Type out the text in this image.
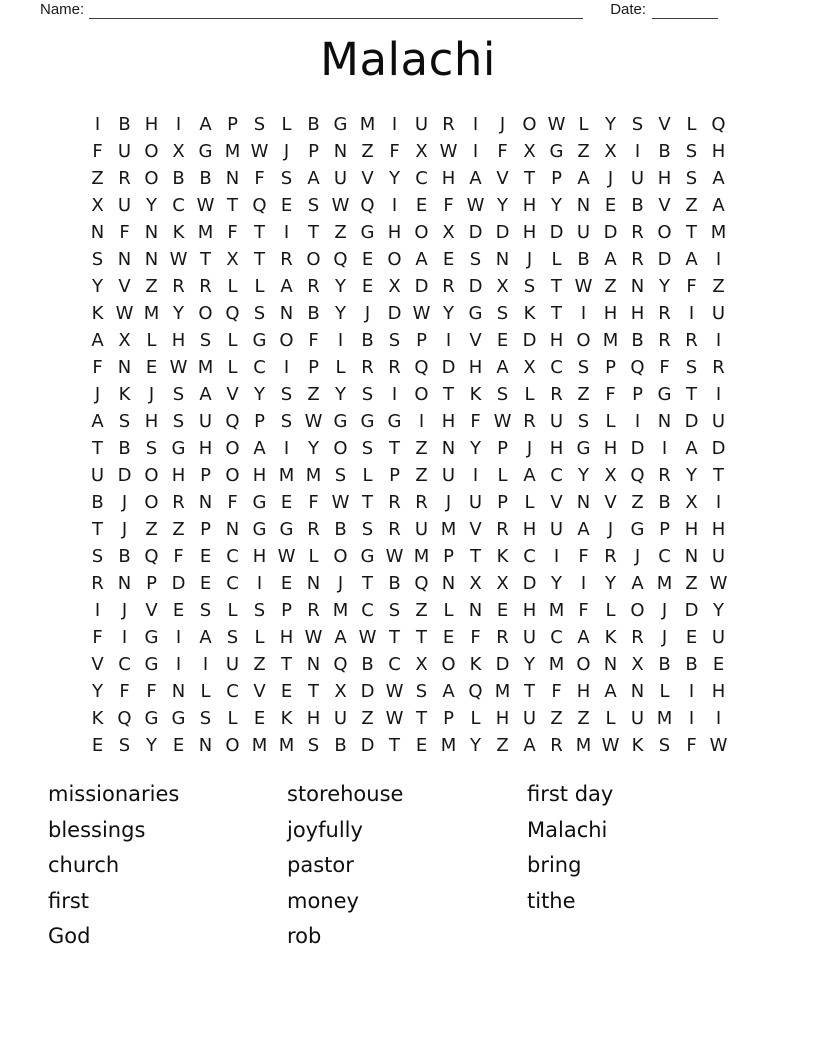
Name:	Date:
Malachi
I	B H I	A P S L B G M I U R	I	J O W L Y S V L Q
F U O X G M W J	P N Z F X W I	F X G Z X	I	B S H
Z R O B B N F S A U V Y C H A V T P A	J U H S A
X U Y C W T Q E S W Q I	E F W Y H Y N E B V Z A
N F N K M F T	I	T Z G H O X D D H D U D R O T M
S N N W T X T R O Q E O A E S N J	L B A R D A	I
Y V Z R R L L A R Y E X D R D X S T W Z N Y F Z
K W M Y O Q S N B Y	J D W Y G S K T	I H H R	I U
A X L H S L G O F	I	B S P	I	V E D H O M B R R	I
F N E W M L C	I	P L R R Q D H A X C S P Q F S R
J	K	J	S A V Y S Z Y S	I O T K S L R Z F P G T	I
A S H S U Q P S W G G G I H F W R U S L	I N D U
T B S G H O A	I	Y O S T Z N Y P	J H G H D I	A D
U D O H P O H M M S L P Z U I	L A C Y X Q R Y T
B	J O R N F G E F W T R R	J U P L V N V Z B X	I
T	J	Z Z P N G G R B S R U M V R H U A	J G P H H
S B Q F E C H W L O G W M P T K C	I	F R	J	C N U
R N P D E C	I	E N J	T B Q N X X D Y	I	Y A M Z W
I	J	V E S L S P R M C S Z L N E H M F L O J D Y
F	I G I	A S L H W A W T T E F R U C A K R	J	E U
V C G I	I U Z T N Q B C X O K D Y M O N X B B E
Y F F N L C V E T X D W S A Q M T F H A N L	I H
K Q G G S L E K H U Z W T P L H U Z Z L U M I	I
E S Y E N O M M S B D T E M Y Z A R M W K S F W
missionaries
blessings
church
first
God
storehouse
joyfully
pastor
money
rob
first day
Malachi
bring
tithe
